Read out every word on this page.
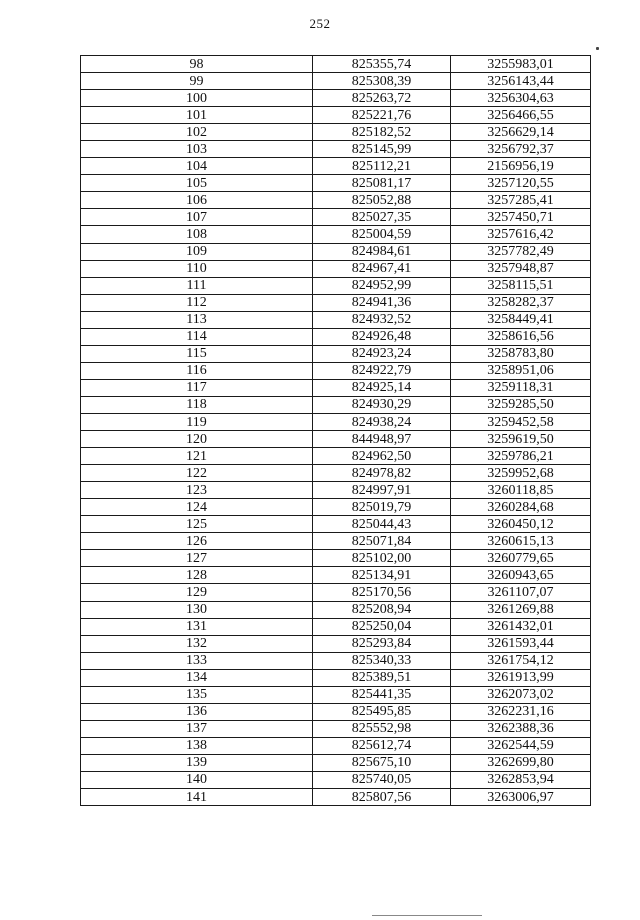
252
98	825355,74	3255983,01
99	825308,39	3256143,44
100	825263,72	3256304,63
101	825221,76	3256466,55
102	825182,52	3256629,14
103	825145,99	3256792,37
104	825112,21	2156956,19
105	825081,17	3257120,55
106	825052,88	3257285,41
107	825027,35	3257450,71
108	825004,59	3257616,42
109	824984,61	3257782,49
110	824967,41	3257948,87
111	824952,99	3258115,51
112	824941,36	3258282,37
113	824932,52	3258449,41
114	824926,48	3258616,56
115	824923,24	3258783,80
116	824922,79	3258951,06
117	824925,14	3259118,31
118	824930,29	3259285,50
119	824938,24	3259452,58
120	844948,97	3259619,50
121	824962,50	3259786,21
122	824978,82	3259952,68
123	824997,91	3260118,85
124	825019,79	3260284,68
125	825044,43	3260450,12
126	825071,84	3260615,13
127	825102,00	3260779,65
128	825134,91	3260943,65
129	825170,56	3261107,07
130	825208,94	3261269,88
131	825250,04	3261432,01
132	825293,84	3261593,44
133	825340,33	3261754,12
134	825389,51	3261913,99
135	825441,35	3262073,02
136	825495,85	3262231,16
137	825552,98	3262388,36
138	825612,74	3262544,59
139	825675,10	3262699,80
140	825740,05	3262853,94
141	825807,56	3263006,97
